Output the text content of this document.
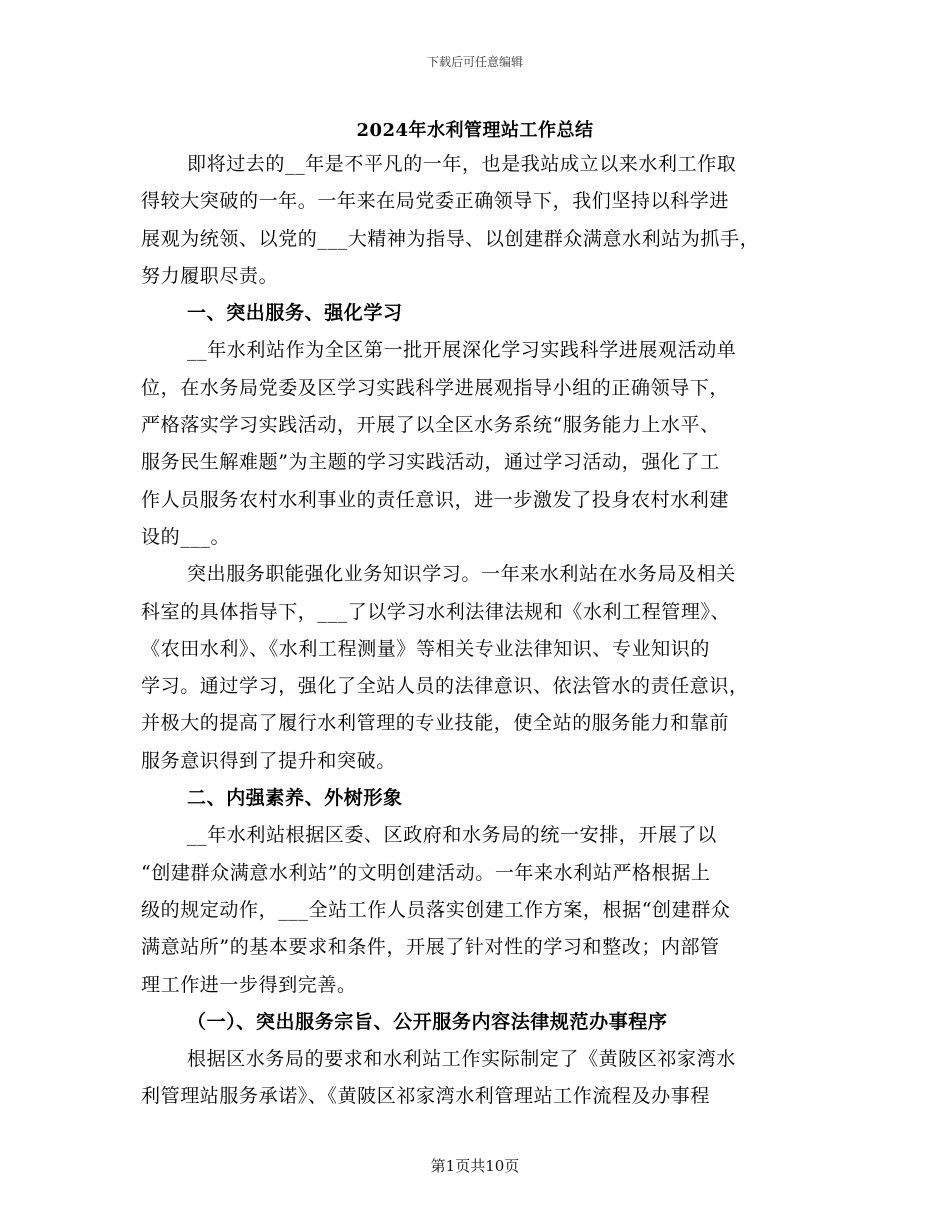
下载后可任意编辑
2024年水利管理站工作总结
即将过去的__年是不平凡的一年，也是我站成立以来水利工作取
得较大突破的一年。一年来在局党委正确领导下，我们坚持以科学进
展观为统领、以党的___大精神为指导、以创建群众满意水利站为抓手，
努力履职尽责。
一、突出服务、强化学习
__年水利站作为全区第一批开展深化学习实践科学进展观活动单
位，在水务局党委及区学习实践科学进展观指导小组的正确领导下，
严格落实学习实践活动，开展了以全区水务系统“服务能力上水平、
服务民生解难题”为主题的学习实践活动，通过学习活动，强化了工
作人员服务农村水利事业的责任意识，进一步激发了投身农村水利建
设的___。
突出服务职能强化业务知识学习。一年来水利站在水务局及相关
科室的具体指导下，___了以学习水利法律法规和《水利工程管理》、
《农田水利》、《水利工程测量》等相关专业法律知识、专业知识的
学习。通过学习，强化了全站人员的法律意识、依法管水的责任意识，
并极大的提高了履行水利管理的专业技能，使全站的服务能力和靠前
服务意识得到了提升和突破。
二、内强素养、外树形象
__年水利站根据区委、区政府和水务局的统一安排，开展了以
“创建群众满意水利站”的文明创建活动。一年来水利站严格根据上
级的规定动作，___全站工作人员落实创建工作方案，根据“创建群众
满意站所”的基本要求和条件，开展了针对性的学习和整改；内部管
理工作进一步得到完善。
（一）、突出服务宗旨、公开服务内容法律规范办事程序
根据区水务局的要求和水利站工作实际制定了《黄陂区祁家湾水
利管理站服务承诺》、《黄陂区祁家湾水利管理站工作流程及办事程
第1页共10页
